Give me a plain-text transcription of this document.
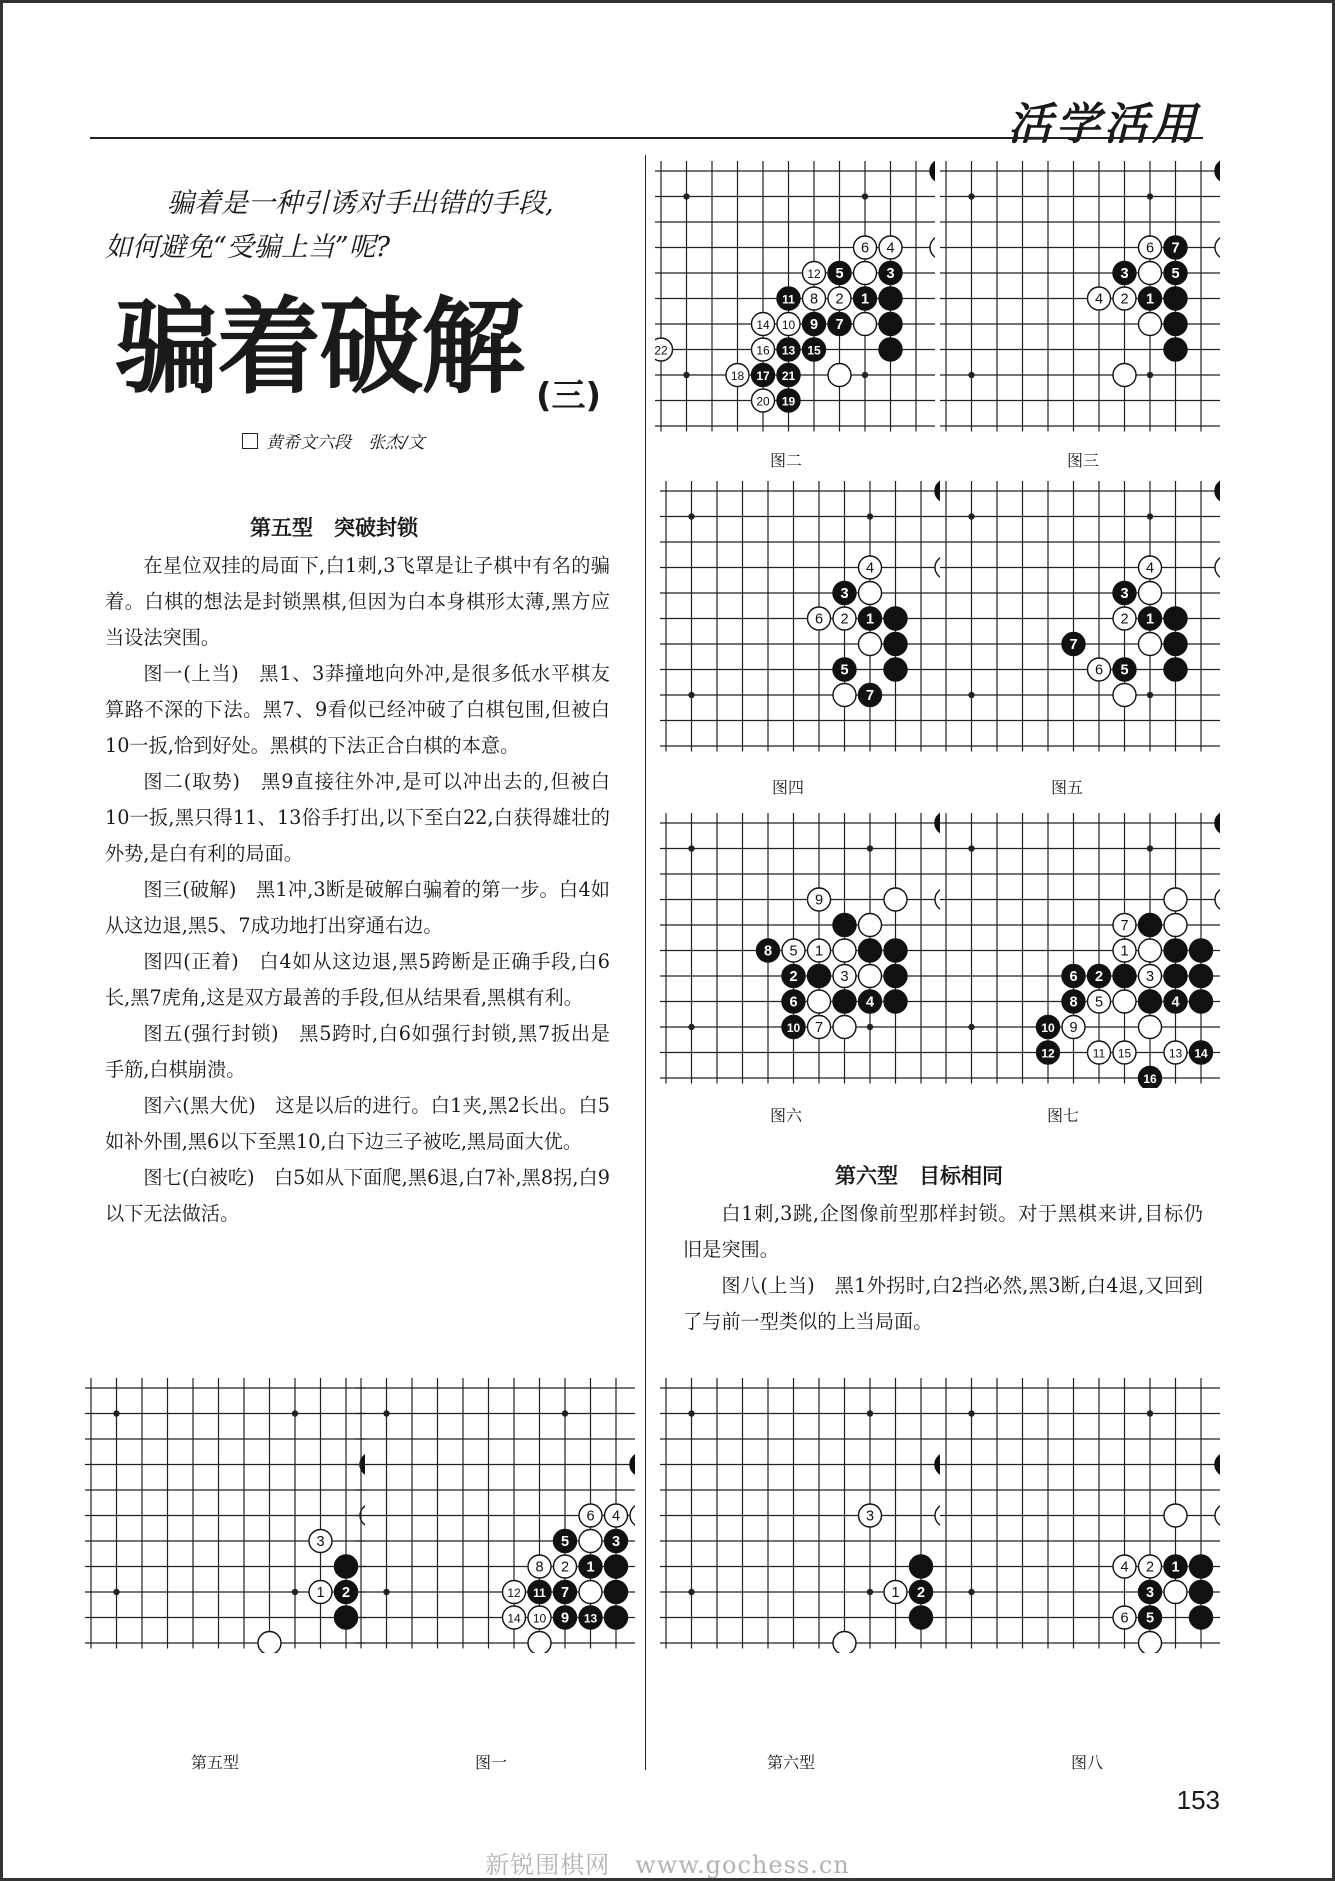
活学活用
骗着是一种引诱对手出错的手段,
如何避免“受骗上当”呢?
骗着破解 (三)
黄希文六段　张杰/文
第五型　突破封锁

在星位双挂的局面下,白1刺,3飞罩是让子棋中有名的骗着。白棋的想法是封锁黑棋,但因为白本身棋形太薄,黑方应当设法突围。

图一(上当)　黑1、3莽撞地向外冲,是很多低水平棋友算路不深的下法。黑7、9看似已经冲破了白棋包围,但被白10一扳,恰到好处。黑棋的下法正合白棋的本意。

图二(取势)　黑9直接往外冲,是可以冲出去的,但被白10一扳,黑只得11、13俗手打出,以下至白22,白获得雄壮的外势,是白有利的局面。

图三(破解)　黑1冲,3断是破解白骗着的第一步。白4如从这边退,黑5、7成功地打出穿通右边。

图四(正着)　白4如从这边退,黑5跨断是正确手段,白6长,黑7虎角,这是双方最善的手段,但从结果看,黑棋有利。

图五(强行封锁)　黑5跨时,白6如强行封锁,黑7扳出是手筋,白棋崩溃。

图六(黑大优)　这是以后的进行。白1夹,黑2长出。白5如补外围,黑6以下至黑10,白下边三子被吃,黑局面大优。

图七(白被吃)　白5如从下面爬,黑6退,白7补,黑8拐,白9以下无法做活。

第六型　目标相同

白1刺,3跳,企图像前型那样封锁。对于黑棋来讲,目标仍旧是突围。

图八(上当)　黑1外拐时,白2挡必然,黑3断,白4退,又回到了与前一型类似的上当局面。

4
6
3
5
12
1
2
8
11
7
9
10
14
15
13
16
22
21
17
18
19
20
图二
7
6
5
3
1
2
4
图三
4
3
1
2
6
5
7
图四
4
3
1
2
7
5
6
图五
9
1
5
8
3
2
4
6
7
10
图六
7
1
3
2
6
4
5
8
9
10
12	11 15	13 14
16
图七
3
1 2
第五型
4
6
3
5
1
2
8
7
11
12
13
9
10
14
图一
3
1 2
第六型
1
2
4
3
5
6
图八
153
新锐围棋网　www.gochess.cn
